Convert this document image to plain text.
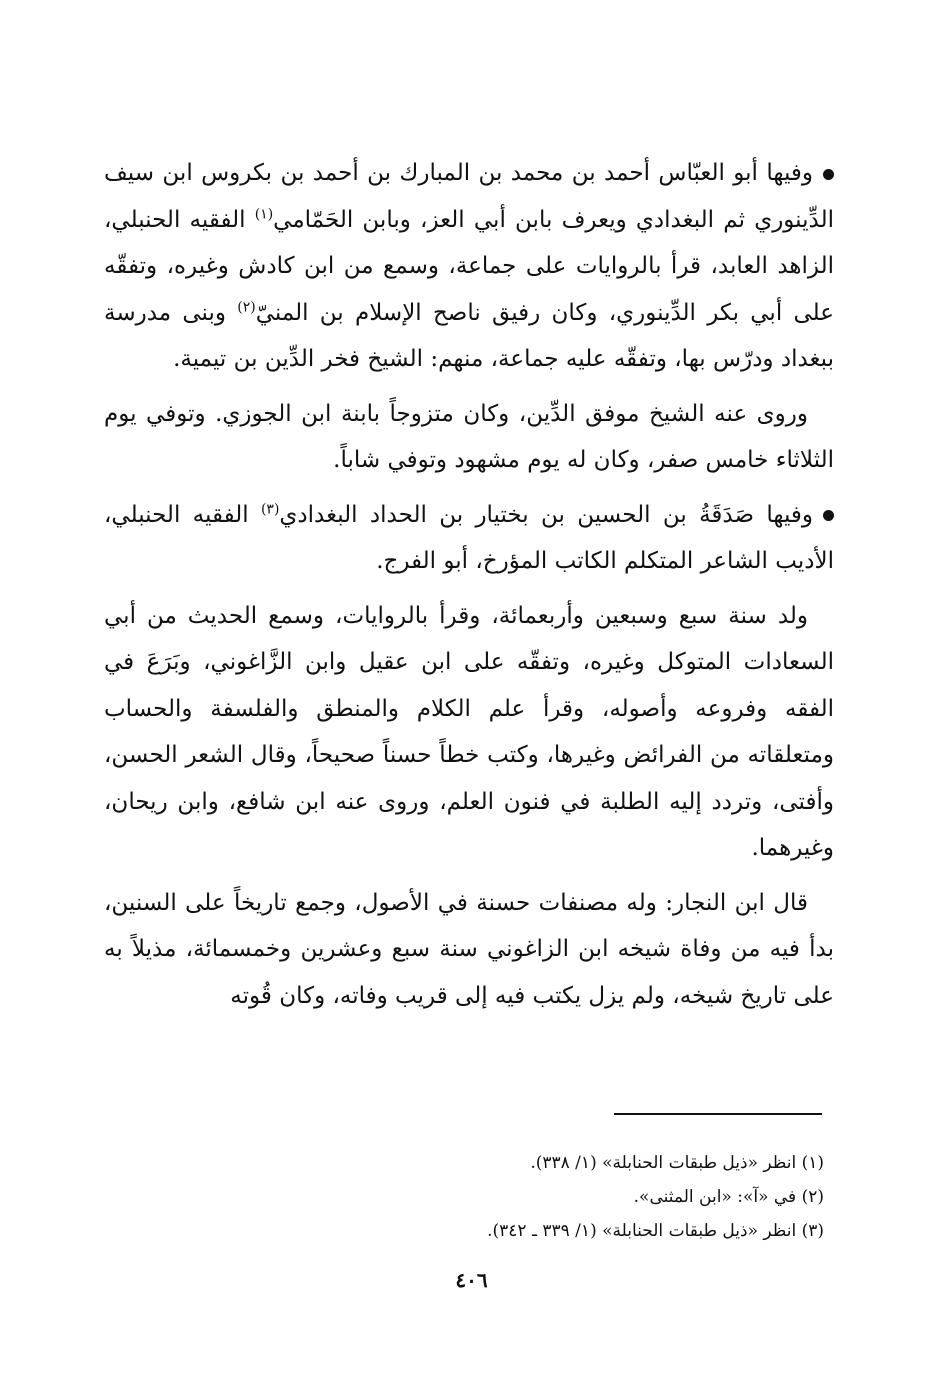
وفيها أبو العبّاس أحمد بن محمد بن المبارك بن أحمد بن بكروس ابن سيف الدِّينوري ثم البغدادي ويعرف بابن أبي العز، وبابن الحَمّامي$^{(١)}$ الفقيه الحنبلي، الزاهد العابد، قرأ بالروايات على جماعة، وسمع من ابن كادش وغيره، وتفقّه على أبي بكر الدِّينوري، وكان رفيق ناصح الإسلام بن المنيّ$^{(٢)}$ وبنى مدرسة ببغداد ودرّس بها، وتفقّه عليه جماعة، منهم: الشيخ فخر الدِّين بن تيمية.

وروى عنه الشيخ موفق الدِّين، وكان متزوجاً بابنة ابن الجوزي. وتوفي يوم الثلاثاء خامس صفر، وكان له يوم مشهود وتوفي شاباً.

وفيها صَدَقَةُ بن الحسين بن بختيار بن الحداد البغدادي$^{(٣)}$ الفقيه الحنبلي، الأديب الشاعر المتكلم الكاتب المؤرخ، أبو الفرج.

ولد سنة سبع وسبعين وأربعمائة، وقرأ بالروايات، وسمع الحديث من أبي السعادات المتوكل وغيره، وتفقّه على ابن عقيل وابن الزَّاغوني، وبَرَعَ في الفقه وفروعه وأصوله، وقرأ علم الكلام والمنطق والفلسفة والحساب ومتعلقاته من الفرائض وغيرها، وكتب خطاً حسناً صحيحاً، وقال الشعر الحسن، وأفتى، وتردد إليه الطلبة في فنون العلم، وروى عنه ابن شافع، وابن ريحان، وغيرهما.

قال ابن النجار: وله مصنفات حسنة في الأصول، وجمع تاريخاً على السنين، بدأ فيه من وفاة شيخه ابن الزاغوني سنة سبع وعشرين وخمسمائة، مذيلاً به على تاريخ شيخه، ولم يزل يكتب فيه إلى قريب وفاته، وكان قُوته

(١) انظر «ذيل طبقات الحنابلة» (١/ ٣٣٨).

(٢) في «آ»: «ابن المثنى».

(٣) انظر «ذيل طبقات الحنابلة» (١/ ٣٣٩ ـ ٣٤٢).

٤٠٦
